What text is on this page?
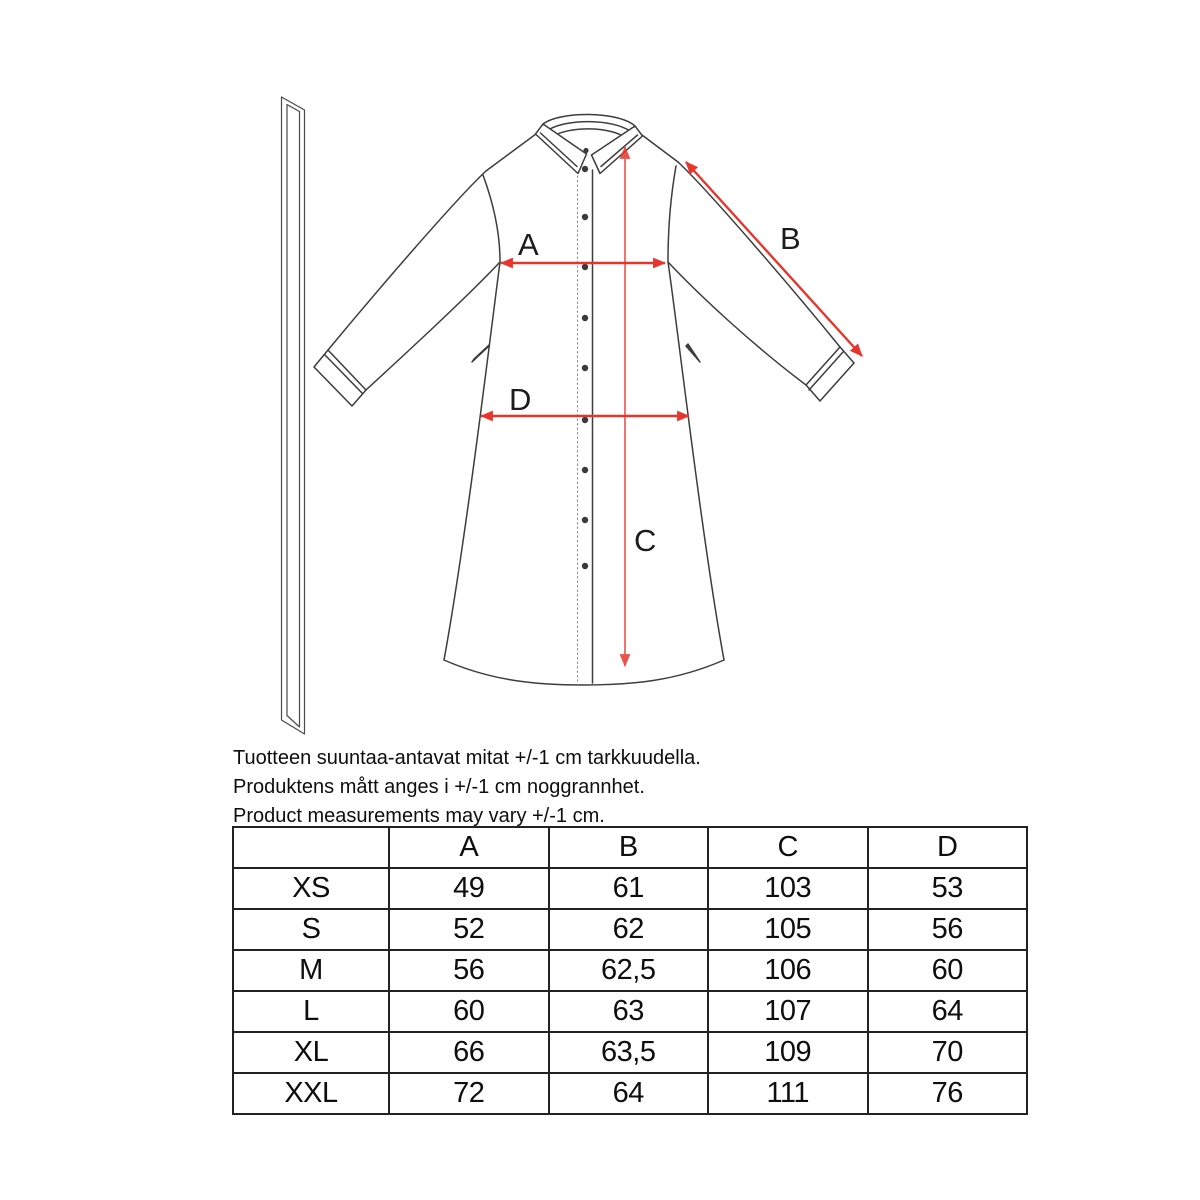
A	B
C
D

Tuotteen suuntaa-antavat mitat +/-1 cm tarkkuudella.

Produktens mått anges i +/-1 cm noggrannhet.

Product measurements may vary +/-1 cm.

	A	B	C	D
XS	49	61	103	53
S	52	62	105	56
M	56	62,5	106	60
L	60	63	107	64
XL	66	63,5	109	70
XXL	72	64	111	76
